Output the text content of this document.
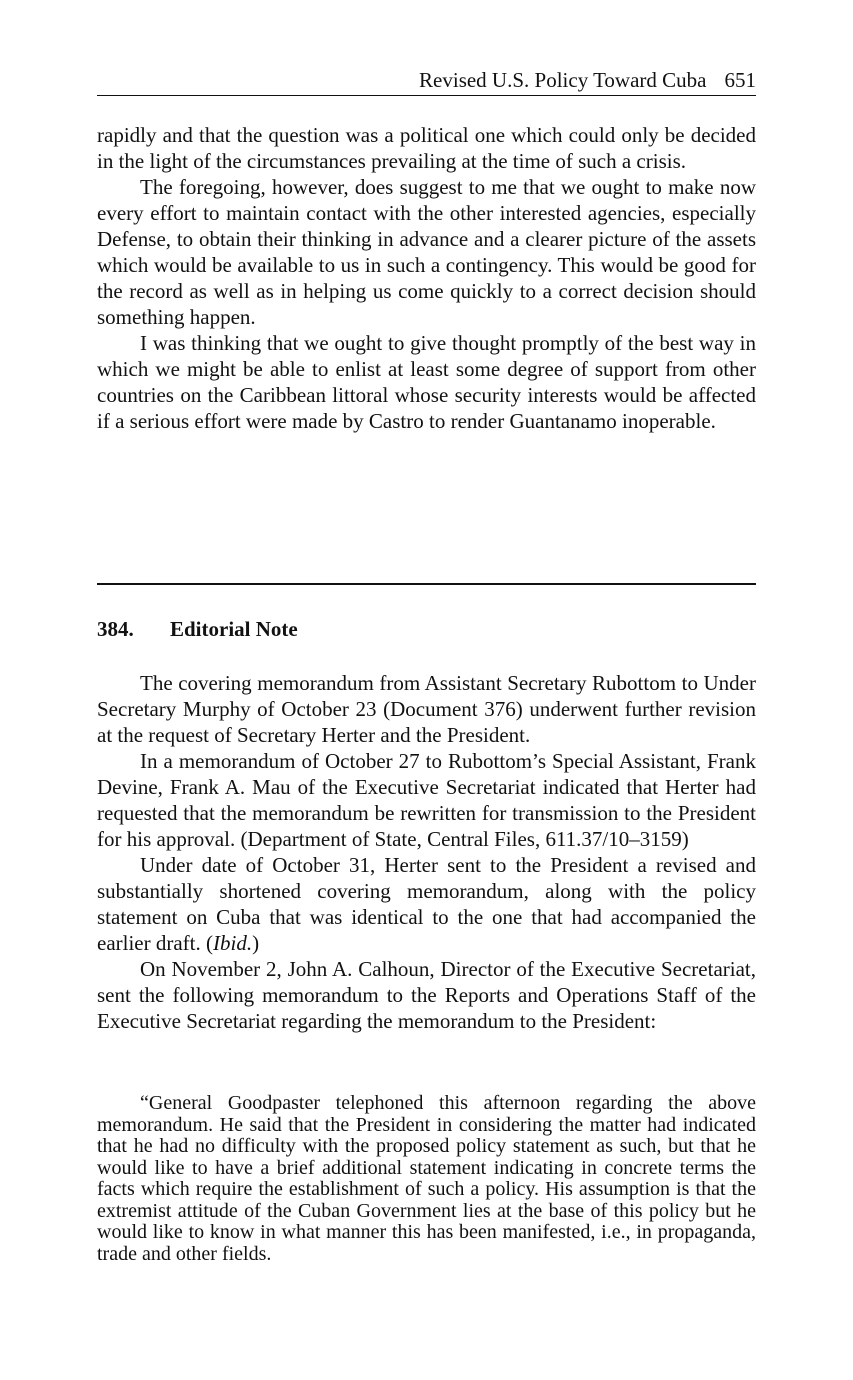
Revised U.S. Policy Toward Cuba 651

rapidly and that the question was a political one which could only be decided in the light of the circumstances prevailing at the time of such a crisis.

The foregoing, however, does suggest to me that we ought to make now every effort to maintain contact with the other interested agencies, especially Defense, to obtain their thinking in advance and a clearer picture of the assets which would be available to us in such a contingency. This would be good for the record as well as in helping us come quickly to a correct decision should something happen.

I was thinking that we ought to give thought promptly of the best way in which we might be able to enlist at least some degree of support from other countries on the Caribbean littoral whose security interests would be affected if a serious effort were made by Castro to render Guantanamo inoperable.

384. Editorial Note

The covering memorandum from Assistant Secretary Rubottom to Under Secretary Murphy of October 23 (Document 376) underwent further revision at the request of Secretary Herter and the President.

In a memorandum of October 27 to Rubottom’s Special Assistant, Frank Devine, Frank A. Mau of the Executive Secretariat indicated that Herter had requested that the memorandum be rewritten for transmission to the President for his approval. (Department of State, Central Files, 611.37/10–3159)

Under date of October 31, Herter sent to the President a revised and substantially shortened covering memorandum, along with the policy statement on Cuba that was identical to the one that had accompanied the earlier draft. (Ibid.)

On November 2, John A. Calhoun, Director of the Executive Secretariat, sent the following memorandum to the Reports and Operations Staff of the Executive Secretariat regarding the memorandum to the President:

“General Goodpaster telephoned this afternoon regarding the above memorandum. He said that the President in considering the matter had indicated that he had no difficulty with the proposed policy statement as such, but that he would like to have a brief additional statement indicating in concrete terms the facts which require the establishment of such a policy. His assumption is that the extremist attitude of the Cuban Government lies at the base of this policy but he would like to know in what manner this has been manifested, i.e., in propaganda, trade and other fields.
